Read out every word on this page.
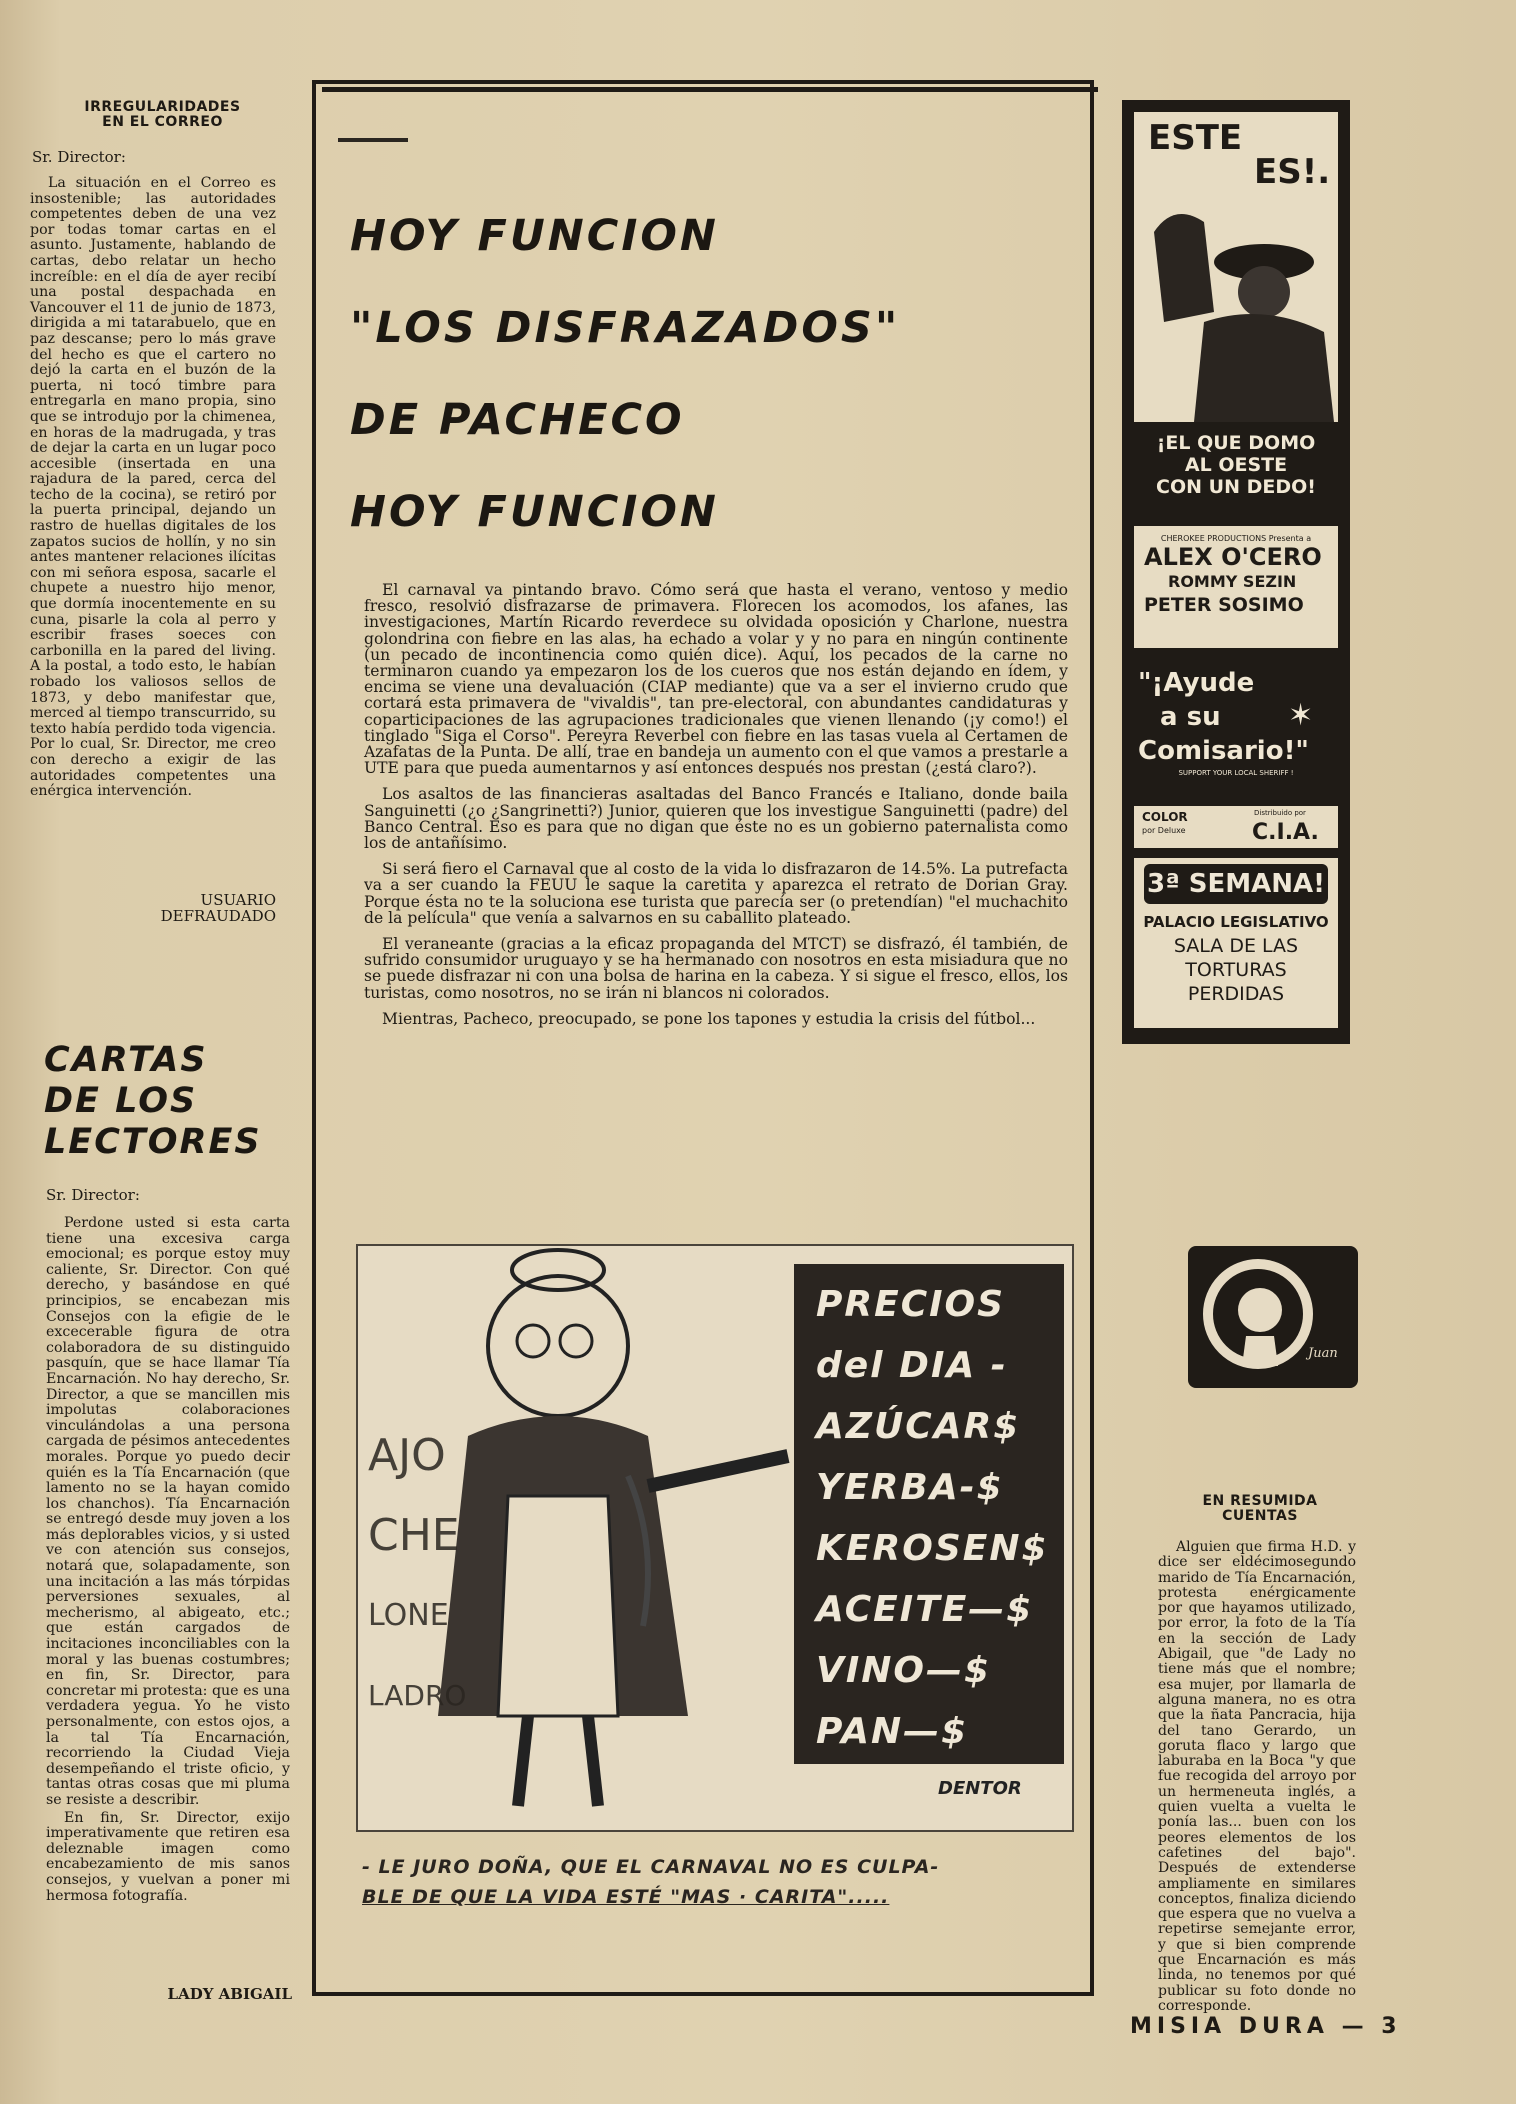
IRREGULARIDADES
EN EL CORREO
Sr. Director:

La situación en el Correo es insostenible; las autoridades competentes deben de una vez por todas tomar cartas en el asunto. Justamente, hablando de cartas, debo relatar un hecho increíble: en el día de ayer recibí una postal despachada en Vancouver el 11 de junio de 1873, dirigida a mi tatarabuelo, que en paz descanse; pero lo más grave del hecho es que el cartero no dejó la carta en el buzón de la puerta, ni tocó timbre para entregarla en mano propia, sino que se introdujo por la chimenea, en horas de la madrugada, y tras de dejar la carta en un lugar poco accesible (insertada en una rajadura de la pared, cerca del techo de la cocina), se retiró por la puerta principal, dejando un rastro de huellas digitales de los zapatos sucios de hollín, y no sin antes mantener relaciones ilícitas con mi señora esposa, sacarle el chupete a nuestro hijo menor, que dormía inocentemente en su cuna, pisarle la cola al perro y escribir frases soeces con carbonilla en la pared del living. A la postal, a todo esto, le habían robado los valiosos sellos de 1873, y debo manifestar que, merced al tiempo transcurrido, su texto había perdido toda vigencia. Por lo cual, Sr. Director, me creo con derecho a exigir de las autoridades competentes una enérgica intervención.

USUARIO
DEFRAUDADO
CARTAS
DE LOS
LECTORES
Sr. Director:

Perdone usted si esta carta tiene una excesiva carga emocional; es porque estoy muy caliente, Sr. Director. Con qué derecho, y basándose en qué principios, se encabezan mis Consejos con la efigie de le excecerable figura de otra colaboradora de su distinguido pasquín, que se hace llamar Tía Encarnación. No hay derecho, Sr. Director, a que se mancillen mis impolutas colaboraciones vinculándolas a una persona cargada de pésimos antecedentes morales. Porque yo puedo decir quién es la Tía Encarnación (que lamento no se la hayan comido los chanchos). Tía Encarnación se entregó desde muy joven a los más deplorables vicios, y si usted ve con atención sus consejos, notará que, solapadamente, son una incitación a las más tórpidas perversiones sexuales, al mecherismo, al abigeato, etc.; que están cargados de incitaciones inconciliables con la moral y las buenas costumbres; en fin, Sr. Director, para concretar mi protesta: que es una verdadera yegua. Yo he visto personalmente, con estos ojos, a la tal Tía Encarnación, recorriendo la Ciudad Vieja desempeñando el triste oficio, y tantas otras cosas que mi pluma se resiste a describir.

En fin, Sr. Director, exijo imperativamente que retiren esa deleznable imagen como encabezamiento de mis sanos consejos, y vuelvan a poner mi hermosa fotografía.

LADY ABIGAIL
HOY FUNCION
"LOS DISFRAZADOS"
DE PACHECO
HOY FUNCION

El carnaval va pintando bravo. Cómo será que hasta el verano, ventoso y medio fresco, resolvió disfrazarse de primavera. Florecen los acomodos, los afanes, las investigaciones, Martín Ricardo reverdece su olvidada oposición y Charlone, nuestra golondrina con fiebre en las alas, ha echado a volar y y no para en ningún continente (un pecado de incontinencia como quién dice). Aquí, los pecados de la carne no terminaron cuando ya empezaron los de los cueros que nos están dejando en ídem, y encima se viene una devaluación (CIAP mediante) que va a ser el invierno crudo que cortará esta primavera de "vivaldis", tan pre-electoral, con abundantes candidaturas y coparticipaciones de las agrupaciones tradicionales que vienen llenando (¡y como!) el tinglado "Siga el Corso". Pereyra Reverbel con fiebre en las tasas vuela al Certamen de Azafatas de la Punta. De allí, trae en bandeja un aumento con el que vamos a prestarle a UTE para que pueda aumentarnos y así entonces después nos prestan (¿está claro?).

Los asaltos de las financieras asaltadas del Banco Francés e Italiano, donde baila Sanguinetti (¿o ¿Sangrinetti?) Junior, quieren que los investigue Sanguinetti (padre) del Banco Central. Eso es para que no digan que éste no es un gobierno paternalista como los de antañísimo.

Si será fiero el Carnaval que al costo de la vida lo disfrazaron de 14.5%. La putrefacta va a ser cuando la FEUU le saque la caretita y aparezca el retrato de Dorian Gray. Porque ésta no te la soluciona ese turista que parecía ser (o pretendían) "el muchachito de la película" que venía a salvarnos en su caballito plateado.

El veraneante (gracias a la eficaz propaganda del MTCT) se disfrazó, él también, de sufrido consumidor uruguayo y se ha hermanado con nosotros en esta misiadura que no se puede disfrazar ni con una bolsa de harina en la cabeza. Y si sigue el fresco, ellos, los turistas, como nosotros, no se irán ni blancos ni colorados.

Mientras, Pacheco, preocupado, se pone los tapones y estudia la crisis del fútbol...

PRECIOS
del DIA -
AZÚCAR$
YERBA-$
KEROSEN$
ACEITE—$
VINO—$
PAN—$
AJO
CHE
LONE
LADRO
DENTOR
- LE JURO DOÑA, QUE EL CARNAVAL NO ES CULPA-
BLE DE QUE LA VIDA ESTÉ "MAS · CARITA".....
ESTE
ES!.
¡EL QUE DOMO
AL OESTE
CON UN DEDO!
CHEROKEE PRODUCTIONS Presenta a
ALEX O'CERO
ROMMY SEZIN
PETER SOSIMO
"¡Ayude
a su
Comisario!"
SUPPORT YOUR LOCAL SHERIFF !
✶
COLOR
por Deluxe
Distribuido por
C.I.A.
3ª SEMANA!
PALACIO LEGISLATIVO
SALA DE LAS
TORTURAS
PERDIDAS
Juan
EN RESUMIDA
CUENTAS

Alguien que firma H.D. y dice ser eldécimosegundo marido de Tía Encarnación, protesta enérgicamente por que hayamos utilizado, por error, la foto de la Tía en la sección de Lady Abigail, que "de Lady no tiene más que el nombre; esa mujer, por llamarla de alguna manera, no es otra que la ñata Pancracia, hija del tano Gerardo, un goruta flaco y largo que laburaba en la Boca "y que fue recogida del arroyo por un hermeneuta inglés, a quien vuelta a vuelta le ponía las... buen con los peores elementos de los cafetines del bajo". Después de extenderse ampliamente en similares conceptos, finaliza diciendo que espera que no vuelva a repetirse semejante error, y que si bien comprende que Encarnación es más linda, no tenemos por qué publicar su foto donde no corresponde.

MISIA DURA — 3
